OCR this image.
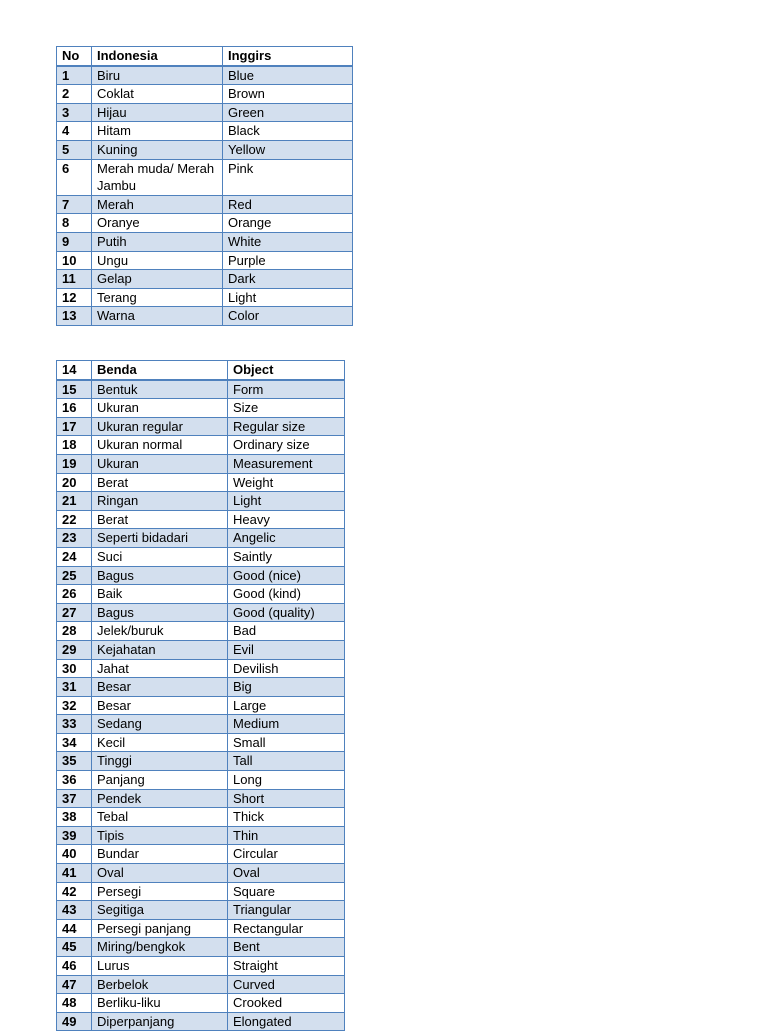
No	Indonesia	Inggirs
1	Biru	Blue
2	Coklat	Brown
3	Hijau	Green
4	Hitam	Black
5	Kuning	Yellow
6	Merah muda/ Merah Jambu	Pink
7	Merah	Red
8	Oranye	Orange
9	Putih	White
10	Ungu	Purple
11	Gelap	Dark
12	Terang	Light
13	Warna	Color
14	Benda	Object
15	Bentuk	Form
16	Ukuran	Size
17	Ukuran regular	Regular size
18	Ukuran normal	Ordinary size
19	Ukuran	Measurement
20	Berat	Weight
21	Ringan	Light
22	Berat	Heavy
23	Seperti bidadari	Angelic
24	Suci	Saintly
25	Bagus	Good (nice)
26	Baik	Good (kind)
27	Bagus	Good (quality)
28	Jelek/buruk	Bad
29	Kejahatan	Evil
30	Jahat	Devilish
31	Besar	Big
32	Besar	Large
33	Sedang	Medium
34	Kecil	Small
35	Tinggi	Tall
36	Panjang	Long
37	Pendek	Short
38	Tebal	Thick
39	Tipis	Thin
40	Bundar	Circular
41	Oval	Oval
42	Persegi	Square
43	Segitiga	Triangular
44	Persegi panjang	Rectangular
45	Miring/bengkok	Bent
46	Lurus	Straight
47	Berbelok	Curved
48	Berliku-liku	Crooked
49	Diperpanjang	Elongated
